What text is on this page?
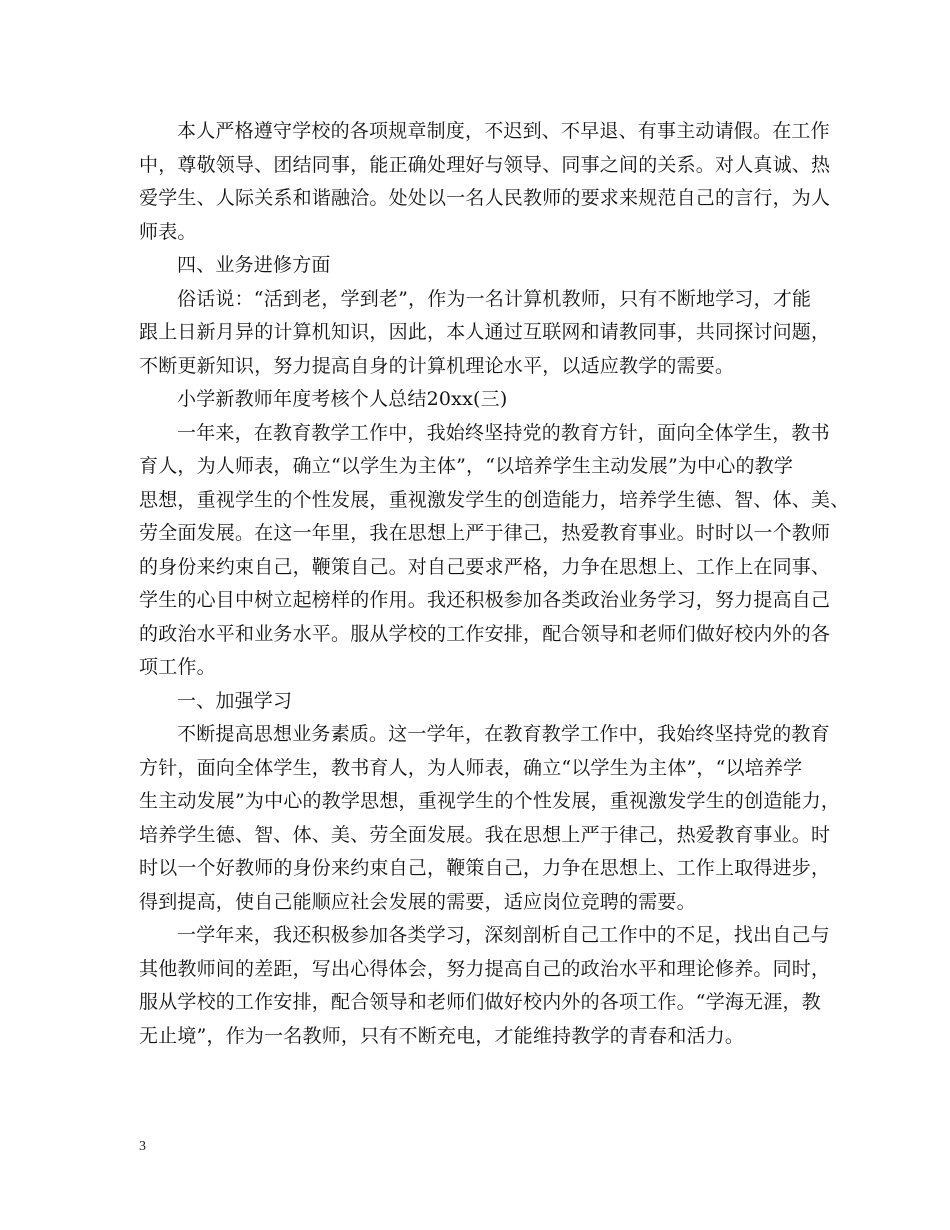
本人严格遵守学校的各项规章制度，不迟到、不早退、有事主动请假。在工作
中，尊敬领导、团结同事，能正确处理好与领导、同事之间的关系。对人真诚、热
爱学生、人际关系和谐融洽。处处以一名人民教师的要求来规范自己的言行，为人
师表。
四、业务进修方面
俗话说：“活到老，学到老”，作为一名计算机教师，只有不断地学习，才能
跟上日新月异的计算机知识，因此，本人通过互联网和请教同事，共同探讨问题，
不断更新知识，努力提高自身的计算机理论水平，以适应教学的需要。
小学新教师年度考核个人总结20xx(三)
一年来，在教育教学工作中，我始终坚持党的教育方针，面向全体学生，教书
育人，为人师表，确立“以学生为主体”，“以培养学生主动发展”为中心的教学
思想，重视学生的个性发展，重视激发学生的创造能力，培养学生德、智、体、美、
劳全面发展。在这一年里，我在思想上严于律己，热爱教育事业。时时以一个教师
的身份来约束自己，鞭策自己。对自己要求严格，力争在思想上、工作上在同事、
学生的心目中树立起榜样的作用。我还积极参加各类政治业务学习，努力提高自己
的政治水平和业务水平。服从学校的工作安排，配合领导和老师们做好校内外的各
项工作。
一、加强学习
不断提高思想业务素质。这一学年，在教育教学工作中，我始终坚持党的教育
方针，面向全体学生，教书育人，为人师表，确立“以学生为主体”，“以培养学
生主动发展”为中心的教学思想，重视学生的个性发展，重视激发学生的创造能力，
培养学生德、智、体、美、劳全面发展。我在思想上严于律己，热爱教育事业。时
时以一个好教师的身份来约束自己，鞭策自己，力争在思想上、工作上取得进步，
得到提高，使自己能顺应社会发展的需要，适应岗位竞聘的需要。
一学年来，我还积极参加各类学习，深刻剖析自己工作中的不足，找出自己与
其他教师间的差距，写出心得体会，努力提高自己的政治水平和理论修养。同时，
服从学校的工作安排，配合领导和老师们做好校内外的各项工作。“学海无涯，教
无止境”，作为一名教师，只有不断充电，才能维持教学的青春和活力。
3
